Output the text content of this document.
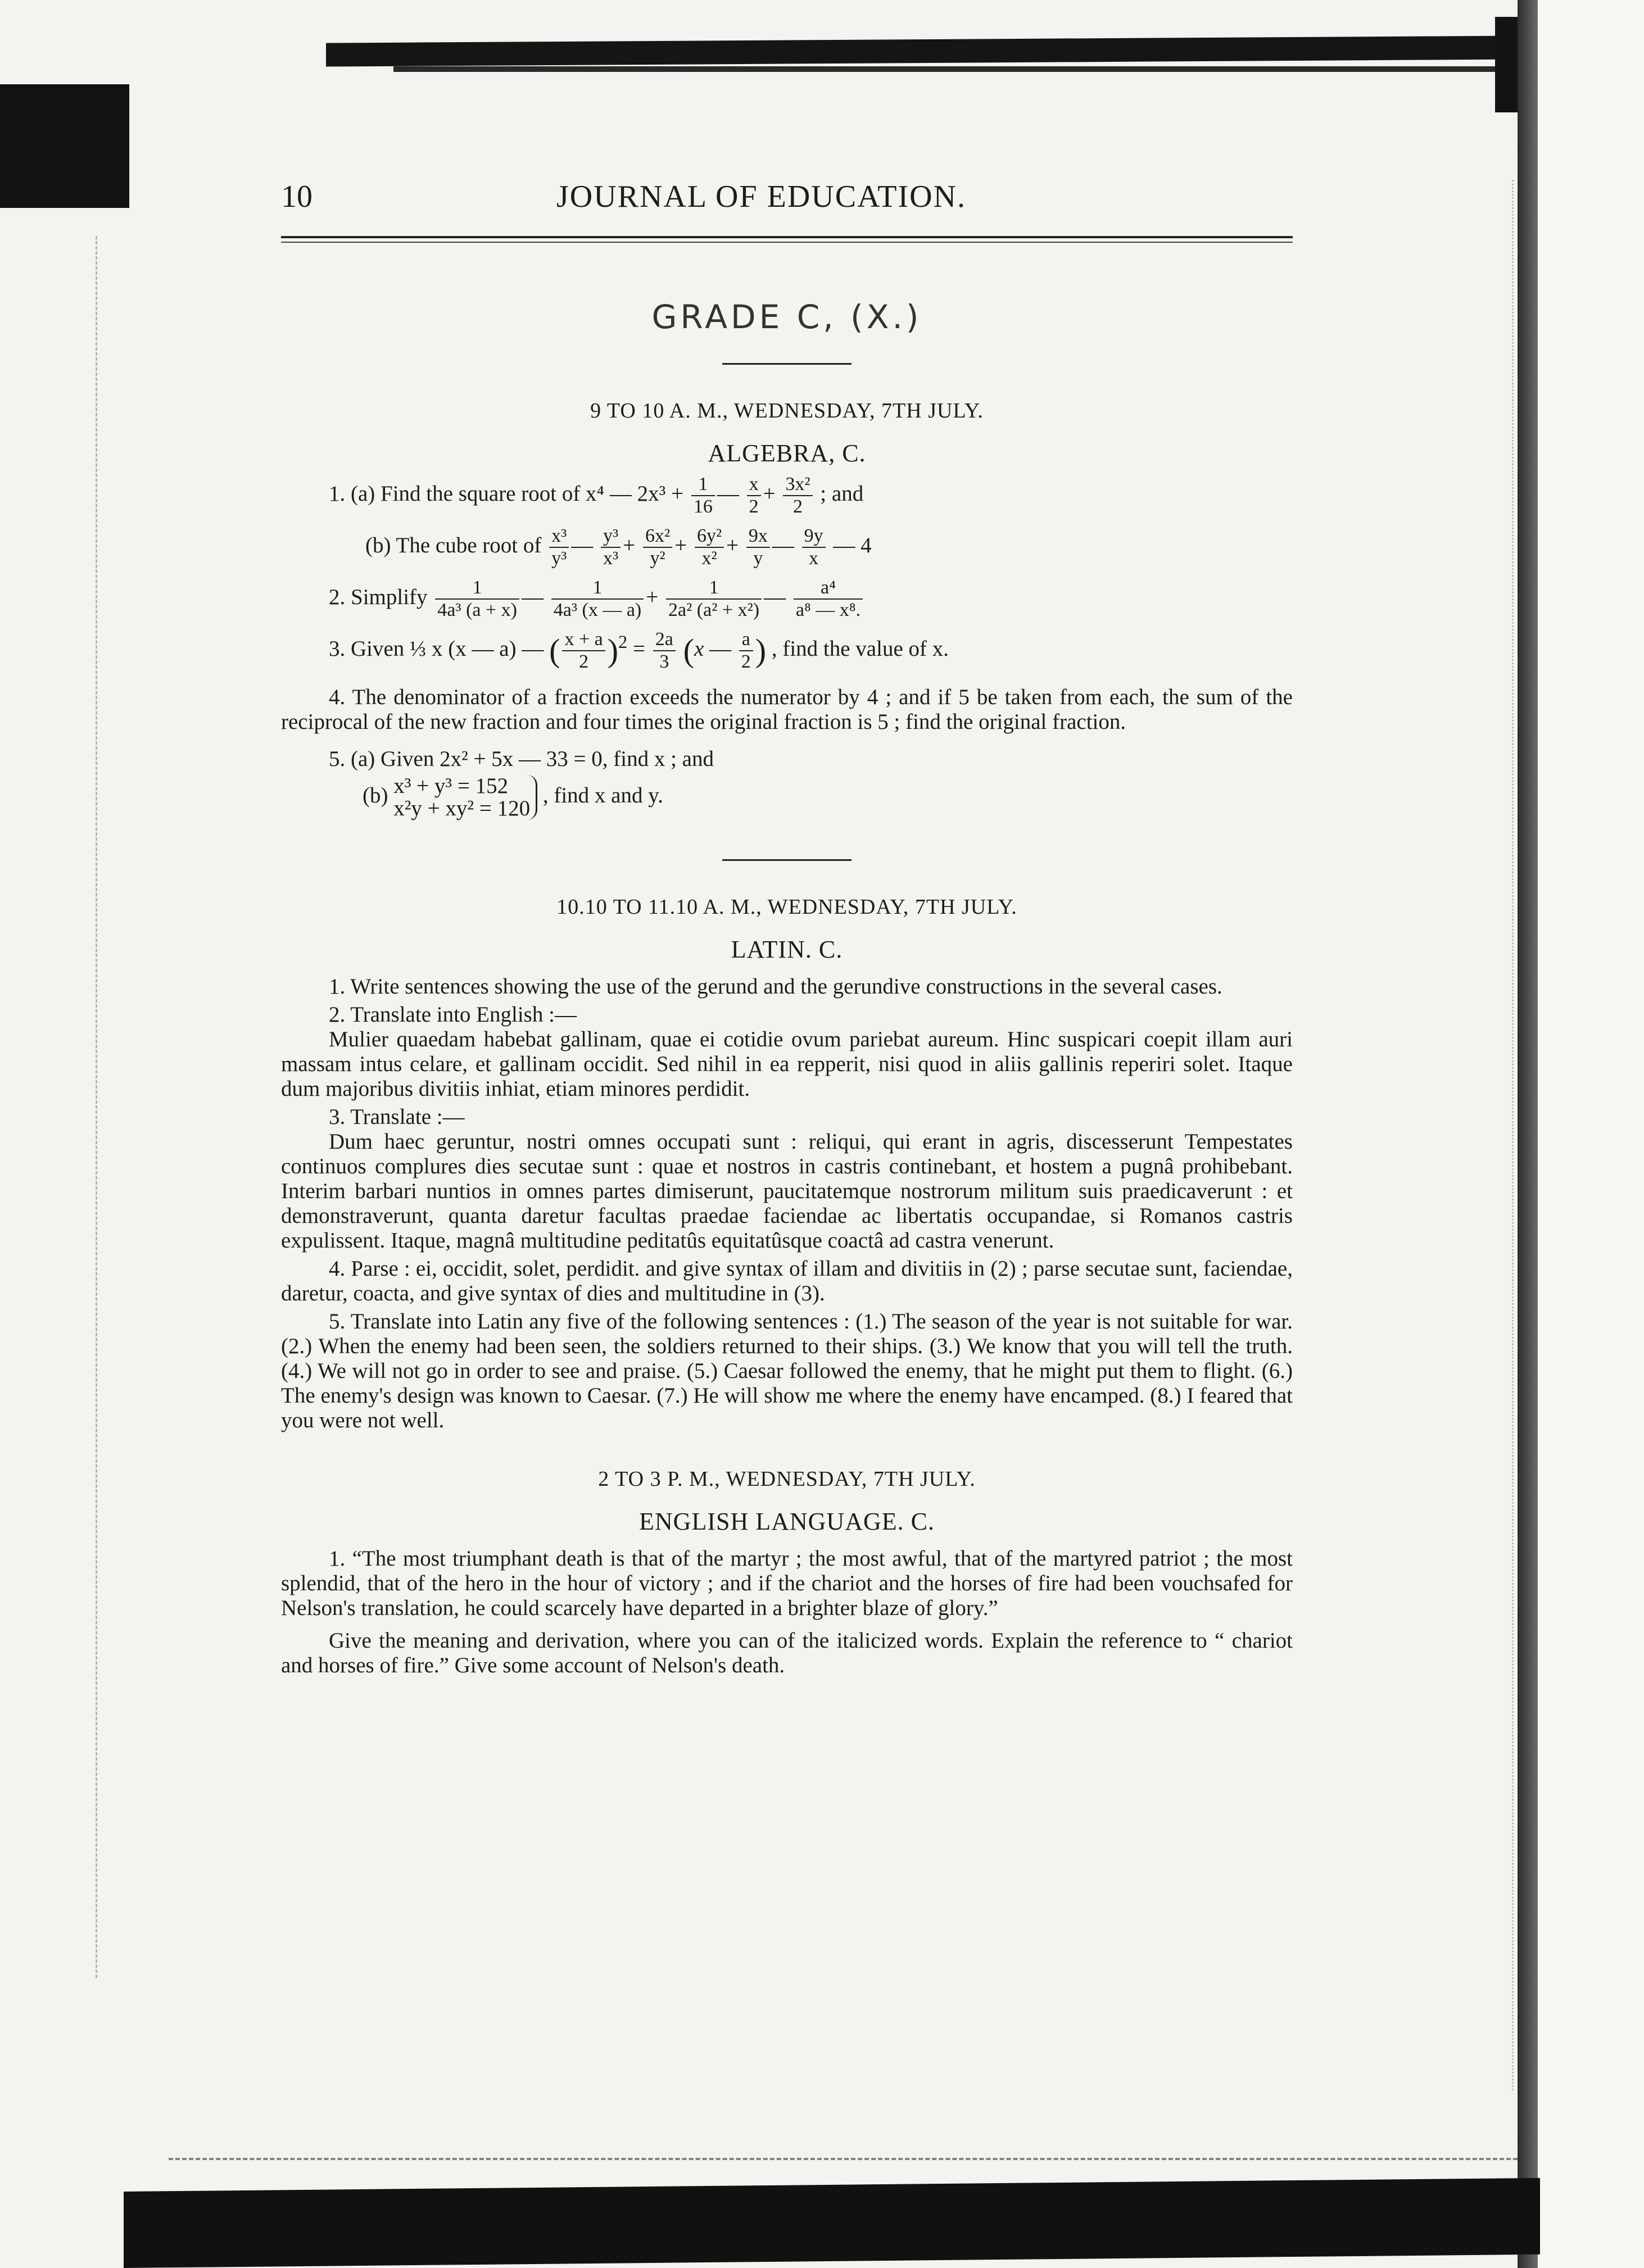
10	JOURNAL OF EDUCATION.
GRADE C, (X.)
9 TO 10 A. M., WEDNESDAY, 7TH JULY.
ALGEBRA, C.
1. (a) Find the square root of x⁴ — $2x^3 + \frac{1}{16}$ — $\frac{x}{2} + \frac{\text{3x²}}{2}$ ; and
(b) The cube root of $\frac{\text{x³}}{\text{y³}}$ — $\frac{\text{y³}}{\text{x³}} + \frac{\text{6x²}}{\text{y²}} + \frac{\text{6y²}}{\text{x²}} + \frac{9x}{y}$ — $\frac{9y}{x}$ — 4
2. Simplify $\frac{1}{\text{4a³ (a + x)}}$ — $\frac{1}{\text{4a³ (x — a)}} + \frac{1}{\text{2a² (a² + x²)}}$ — $\frac{\text{a⁴}}{\text{a⁸ — x⁸.}}$
3. Given ⅓ x (x — a) — ( $\frac{x + a}{2} )^2 = \frac{2a}{3} (x$ — $\frac{a}{2}$ ) , find the value of x.
4. The denominator of a fraction exceeds the numerator by 4 ; and if 5 be taken from each, the sum of the reciprocal of the new fraction and four times the original fraction is 5 ; find the original fraction.
5. (a) Given 2x² + 5x — 33 = 0, find x ; and
(b) x³ + y³ = 152
x²y + xy² = 120
, find x and y.
10.10 TO 11.10 A. M., WEDNESDAY, 7TH JULY.
LATIN. C.
1. Write sentences showing the use of the gerund and the gerundive constructions in the several cases.
2. Translate into English :—
Mulier quaedam habebat gallinam, quae ei cotidie ovum pariebat aureum. Hinc suspicari coepit illam auri massam intus celare, et gallinam occidit. Sed nihil in ea repperit, nisi quod in aliis gallinis reperiri solet. Itaque dum majoribus divitiis inhiat, etiam minores perdidit.
3. Translate :—
Dum haec geruntur, nostri omnes occupati sunt : reliqui, qui erant in agris, discesserunt Tempestates continuos complures dies secutae sunt : quae et nostros in castris continebant, et hostem a pugnâ prohibebant. Interim barbari nuntios in omnes partes dimiserunt, paucitatemque nostrorum militum suis praedicaverunt : et demonstraverunt, quanta daretur facultas praedae faciendae ac libertatis occupandae, si Romanos castris expulissent. Itaque, magnâ multitudine peditatûs equitatûsque coactâ ad castra venerunt.
4. Parse : ei, occidit, solet, perdidit. and give syntax of illam and divitiis in (2) ; parse secutae sunt, faciendae, daretur, coacta, and give syntax of dies and multitudine in (3).
5. Translate into Latin any five of the following sentences : (1.) The season of the year is not suitable for war. (2.) When the enemy had been seen, the soldiers returned to their ships. (3.) We know that you will tell the truth. (4.) We will not go in order to see and praise. (5.) Caesar followed the enemy, that he might put them to flight. (6.) The enemy's design was known to Caesar. (7.) He will show me where the enemy have encamped. (8.) I feared that you were not well.
2 TO 3 P. M., WEDNESDAY, 7TH JULY.
ENGLISH LANGUAGE. C.
1. “The most triumphant death is that of the martyr ; the most awful, that of the martyred patriot ; the most splendid, that of the hero in the hour of victory ; and if the chariot and the horses of fire had been vouchsafed for Nelson's translation, he could scarcely have departed in a brighter blaze of glory.”
Give the meaning and derivation, where you can of the italicized words. Explain the reference to “ chariot and horses of fire.” Give some account of Nelson's death.
